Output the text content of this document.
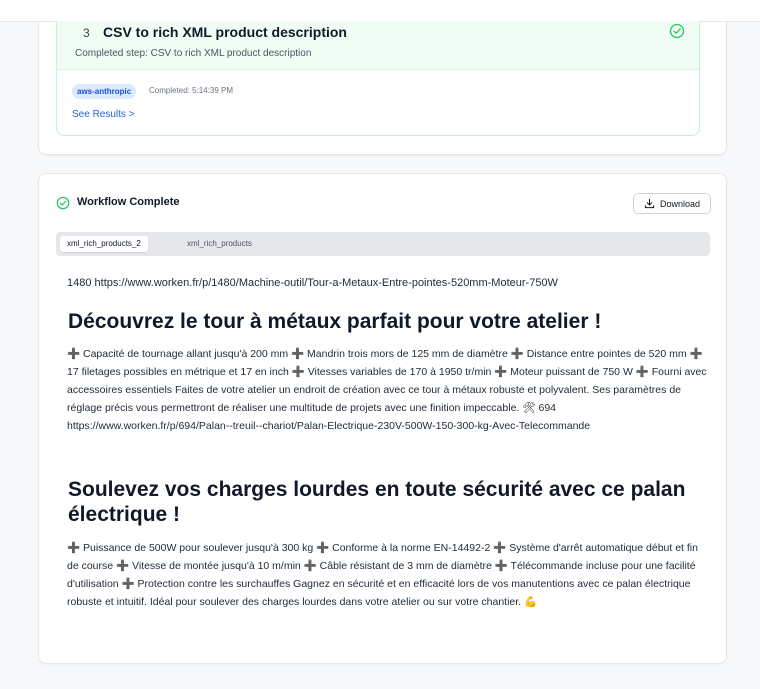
3 CSV to rich XML product description
Completed step: CSV to rich XML product description
aws-anthropic	Completed: 5:14:39 PM
See Results >
Workflow Complete	Download
xml_rich_products_2	xml_rich_products
1480 https://www.worken.fr/p/1480/Machine-outil/Tour-a-Metaux-Entre-pointes-520mm-Moteur-750W
Découvrez le tour à métaux parfait pour votre atelier !
➕ Capacité de tournage allant jusqu'à 200 mm ➕ Mandrin trois mors de 125 mm de diamètre ➕ Distance entre pointes de 520 mm ➕ 17 filetages possibles en métrique et 17 en inch ➕ Vitesses variables de 170 à 1950 tr/min ➕ Moteur puissant de 750 W ➕ Fourni avec accessoires essentiels Faites de votre atelier un endroit de création avec ce tour à métaux robuste et polyvalent. Ses paramètres de réglage précis vous permettront de réaliser une multitude de projets avec une finition impeccable. 🛠 694 https://www.worken.fr/p/694/Palan--treuil--chariot/Palan-Electrique-230V-500W-150-300-kg-Avec-Telecommande
Soulevez vos charges lourdes en toute sécurité avec ce palan électrique !
➕ Puissance de 500W pour soulever jusqu'à 300 kg ➕ Conforme à la norme EN-14492-2 ➕ Système d'arrêt automatique début et fin de course ➕ Vitesse de montée jusqu'à 10 m/min ➕ Câble résistant de 3 mm de diamètre ➕ Télécommande incluse pour une facilité d'utilisation ➕ Protection contre les surchauffes Gagnez en sécurité et en efficacité lors de vos manutentions avec ce palan électrique robuste et intuitif. Idéal pour soulever des charges lourdes dans votre atelier ou sur votre chantier. 💪
